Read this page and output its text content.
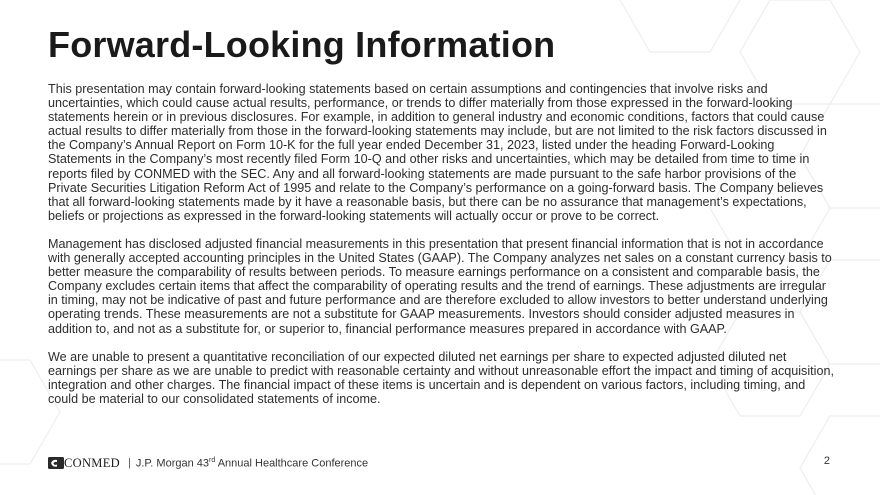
Forward-Looking Information

This presentation may contain forward-looking statements based on certain assumptions and contingencies that involve risks and uncertainties, which could cause actual results, performance, or trends to differ materially from those expressed in the forward-looking statements herein or in previous disclosures. For example, in addition to general industry and economic conditions, factors that could cause actual results to differ materially from those in the forward-looking statements may include, but are not limited to the risk factors discussed in the Company’s Annual Report on Form 10-K for the full year ended December 31, 2023, listed under the heading Forward-Looking Statements in the Company’s most recently filed Form 10-Q and other risks and uncertainties, which may be detailed from time to time in reports filed by CONMED with the SEC. Any and all forward-looking statements are made pursuant to the safe harbor provisions of the Private Securities Litigation Reform Act of 1995 and relate to the Company’s performance on a going-forward basis. The Company believes that all forward-looking statements made by it have a reasonable basis, but there can be no assurance that management’s expectations, beliefs or projections as expressed in the forward-looking statements will actually occur or prove to be correct.

Management has disclosed adjusted financial measurements in this presentation that present financial information that is not in accordance with generally accepted accounting principles in the United States (GAAP). The Company analyzes net sales on a constant currency basis to better measure the comparability of results between periods. To measure earnings performance on a consistent and comparable basis, the Company excludes certain items that affect the comparability of operating results and the trend of earnings. These adjustments are irregular in timing, may not be indicative of past and future performance and are therefore excluded to allow investors to better understand underlying operating trends. These measurements are not a substitute for GAAP measurements. Investors should consider adjusted measures in addition to, and not as a substitute for, or superior to, financial performance measures prepared in accordance with GAAP.

We are unable to present a quantitative reconciliation of our expected diluted net earnings per share to expected adjusted diluted net earnings per share as we are unable to predict with reasonable certainty and without unreasonable effort the impact and timing of acquisition, integration and other charges. The financial impact of these items is uncertain and is dependent on various factors, including timing, and could be material to our consolidated statements of income.

CONMED | J.P. Morgan 43rd Annual Healthcare Conference	2
